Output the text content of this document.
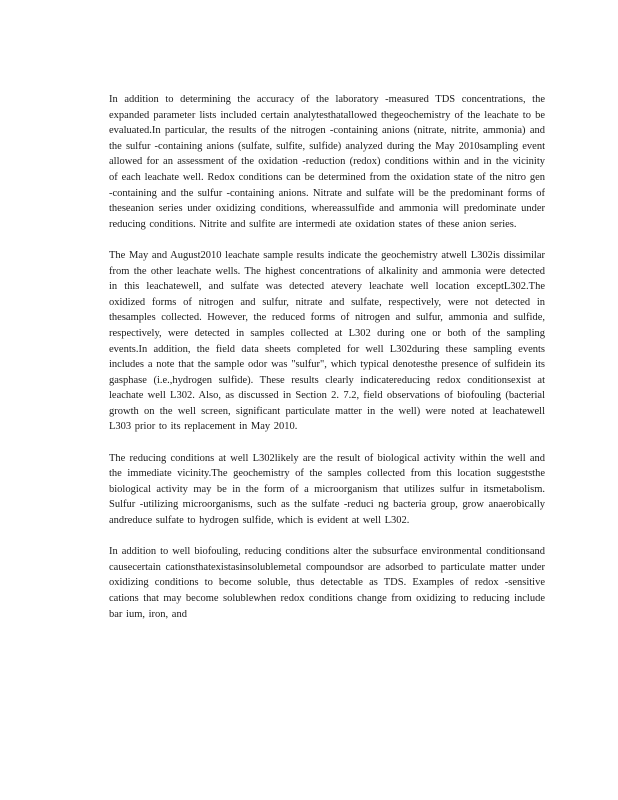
In addition to determining the accuracy of the laboratory -measured TDS concentrations, the expanded parameter lists included certain analytesthatallowed thegeochemistry of the leachate to be evaluated.In particular, the results of the nitrogen -containing anions (nitrate, nitrite, ammonia) and the sulfur -containing anions (sulfate, sulfite, sulfide) analyzed during the May 2010sampling event allowed for an assessment of the oxidation -reduction (redox) conditions within and in the vicinity of each leachate well. Redox conditions can be determined from the oxidation state of the nitro gen -containing and the sulfur -containing anions. Nitrate and sulfate will be the predominant forms of theseanion series under oxidizing conditions, whereassulfide and ammonia will predominate under reducing conditions. Nitrite and sulfite are intermedi ate oxidation states of these anion series.

The May and August2010 leachate sample results indicate the geochemistry atwell L302is dissimilar from the other leachate wells. The highest concentrations of alkalinity and ammonia were detected in this leachatewell, and sulfate was detected atevery leachate well location exceptL302.The oxidized forms of nitrogen and sulfur, nitrate and sulfate, respectively, were not detected in thesamples collected. However, the reduced forms of nitrogen and sulfur, ammonia and sulfide, respectively, were detected in samples collected at L302 during one or both of the sampling events.In addition, the field data sheets completed for well L302during these sampling events includes a note that the sample odor was "sulfur", which typical denotesthe presence of sulfidein its gasphase (i.e.,hydrogen sulfide). These results clearly indicatereducing redox conditionsexist at leachate well L302. Also, as discussed in Section 2. 7.2, field observations of biofouling (bacterial growth on the well screen, significant particulate matter in the well) were noted at leachatewell L303 prior to its replacement in May 2010.

The reducing conditions at well L302likely are the result of biological activity within the well and the immediate vicinity.The geochemistry of the samples collected from this location suggeststhe biological activity may be in the form of a microorganism that utilizes sulfur in itsmetabolism. Sulfur -utilizing microorganisms, such as the sulfate -reduci ng bacteria group, grow anaerobically andreduce sulfate to hydrogen sulfide, which is evident at well L302.

In addition to well biofouling, reducing conditions alter the subsurface environmental conditionsand causecertain cationsthatexistasinsolublemetal compoundsor are adsorbed to particulate matter under oxidizing conditions to become soluble, thus detectable as TDS. Examples of redox -sensitive cations that may become solublewhen redox conditions change from oxidizing to reducing include bar ium, iron, and
